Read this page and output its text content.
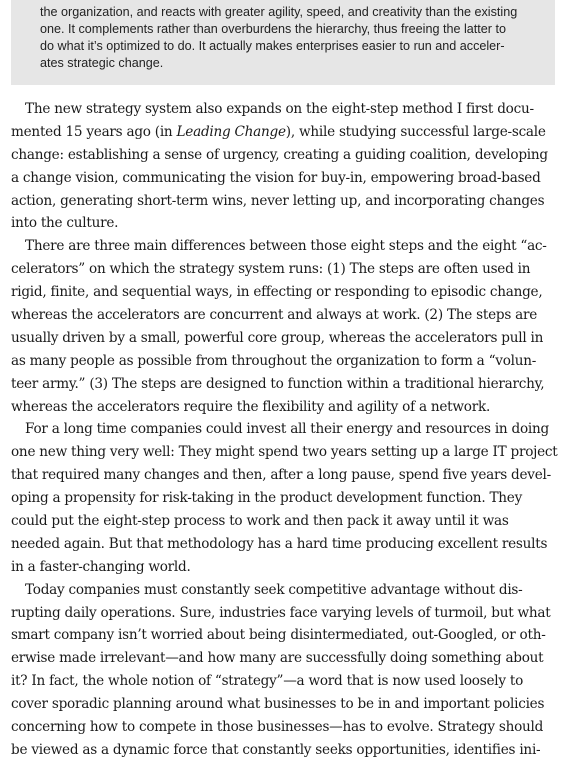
the organization, and reacts with greater agility, speed, and creativity than the existing
one. It complements rather than overburdens the hierarchy, thus freeing the latter to
do what it’s optimized to do. It actually makes enterprises easier to run and acceler-
ates strategic change.
The new strategy system also expands on the eight-step method I first docu-
mented 15 years ago (in Leading Change), while studying successful large-scale
change: establishing a sense of urgency, creating a guiding coalition, developing
a change vision, communicating the vision for buy-in, empowering broad-based
action, generating short-term wins, never letting up, and incorporating changes
into the culture.
There are three main differences between those eight steps and the eight “ac-
celerators” on which the strategy system runs: (1) The steps are often used in
rigid, finite, and sequential ways, in effecting or responding to episodic change,
whereas the accelerators are concurrent and always at work. (2) The steps are
usually driven by a small, powerful core group, whereas the accelerators pull in
as many people as possible from throughout the organization to form a “volun-
teer army.” (3) The steps are designed to function within a traditional hierarchy,
whereas the accelerators require the flexibility and agility of a network.
For a long time companies could invest all their energy and resources in doing
one new thing very well: They might spend two years setting up a large IT project
that required many changes and then, after a long pause, spend five years devel-
oping a propensity for risk-taking in the product development function. They
could put the eight-step process to work and then pack it away until it was
needed again. But that methodology has a hard time producing excellent results
in a faster-changing world.
Today companies must constantly seek competitive advantage without dis-
rupting daily operations. Sure, industries face varying levels of turmoil, but what
smart company isn’t worried about being disintermediated, out-Googled, or oth-
erwise made irrelevant—and how many are successfully doing something about
it? In fact, the whole notion of “strategy”—a word that is now used loosely to
cover sporadic planning around what businesses to be in and important policies
concerning how to compete in those businesses—has to evolve. Strategy should
be viewed as a dynamic force that constantly seeks opportunities, identifies ini-
